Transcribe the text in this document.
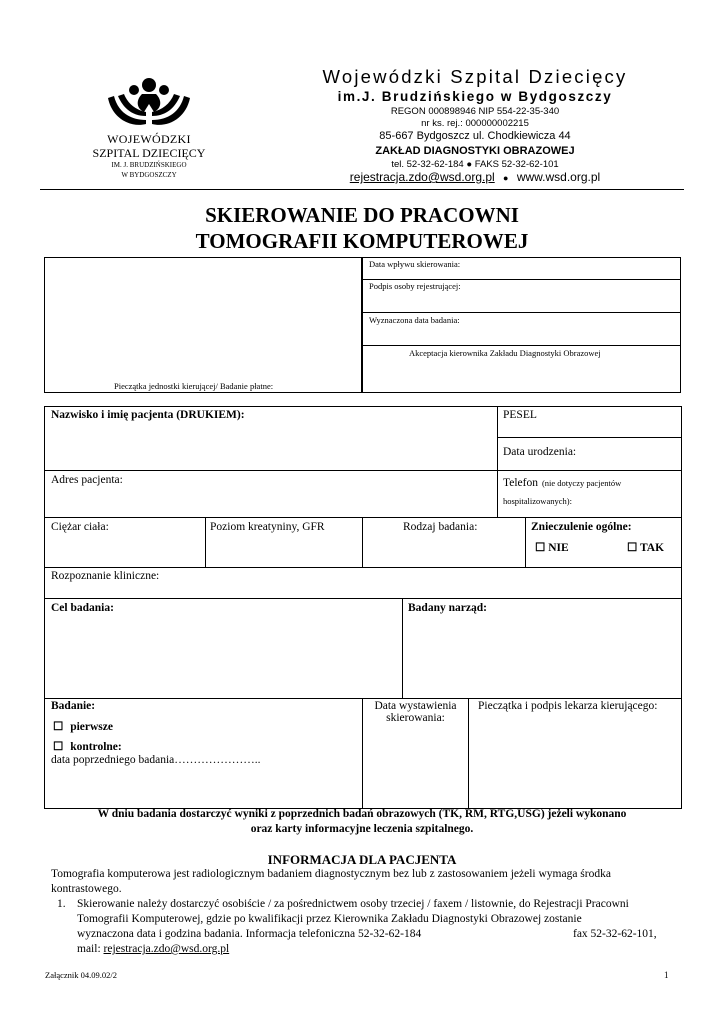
WOJEWÓDZKI
SZPITAL DZIECIĘCY
IM. J. BRUDZIŃSKIEGO
W BYDGOSZCZY
Wojewódzki Szpital Dziecięcy
im.J. Brudzińskiego w Bydgoszczy
REGON 000898946 NIP 554-22-35-340
nr ks. rej.: 000000002215
85-667 Bydgoszcz ul. Chodkiewicza 44
ZAKŁAD DIAGNOSTYKI OBRAZOWEJ
tel. 52-32-62-184 ● FAKS 52-32-62-101
rejestracja.zdo@wsd.org.pl ● www.wsd.org.pl
SKIEROWANIE DO PRACOWNI
TOMOGRAFII KOMPUTEROWEJ
Pieczątka jednostki kierującej/ Badanie płatne:
Data wpływu skierowania:
Podpis osoby rejestrującej:
Wyznaczona data badania:
Akceptacja kierownika Zakładu Diagnostyki Obrazowej
Nazwisko i imię pacjenta (DRUKIEM):	PESEL
Data urodzenia:
Adres pacjenta:	Telefon (nie dotyczy pacjentów
hospitalizowanych):
Ciężar ciała:	Poziom kreatyniny, GFR	Rodzaj badania:	Znieczulenie ogólne:
☐ NIE	☐ TAK
Rozpoznanie kliniczne:
Cel badania:	Badany narząd:
Badanie:
☐ pierwsze
☐ kontrolne:
data poprzedniego badania…………………..
Data wystawienia
skierowania:
Pieczątka i podpis lekarza kierującego:
W dniu badania dostarczyć wyniki z poprzednich badań obrazowych (TK, RM, RTG,USG) jeżeli wykonano
oraz karty informacyjne leczenia szpitalnego.
INFORMACJA DLA PACJENTA
Tomografia komputerowa jest radiologicznym badaniem diagnostycznym bez lub z zastosowaniem jeżeli wymaga środka
kontrastowego.
1. Skierowanie należy dostarczyć osobiście / za pośrednictwem osoby trzeciej / faxem / listownie, do Rejestracji Pracowni
Tomografii Komputerowej, gdzie po kwalifikacji przez Kierownika Zakładu Diagnostyki Obrazowej zostanie
wyznaczona data i godzina badania. Informacja telefoniczna 52-32-62-184	fax 52-32-62-101,
mail: rejestracja.zdo@wsd.org.pl
Załącznik 04.09.02/2	1
